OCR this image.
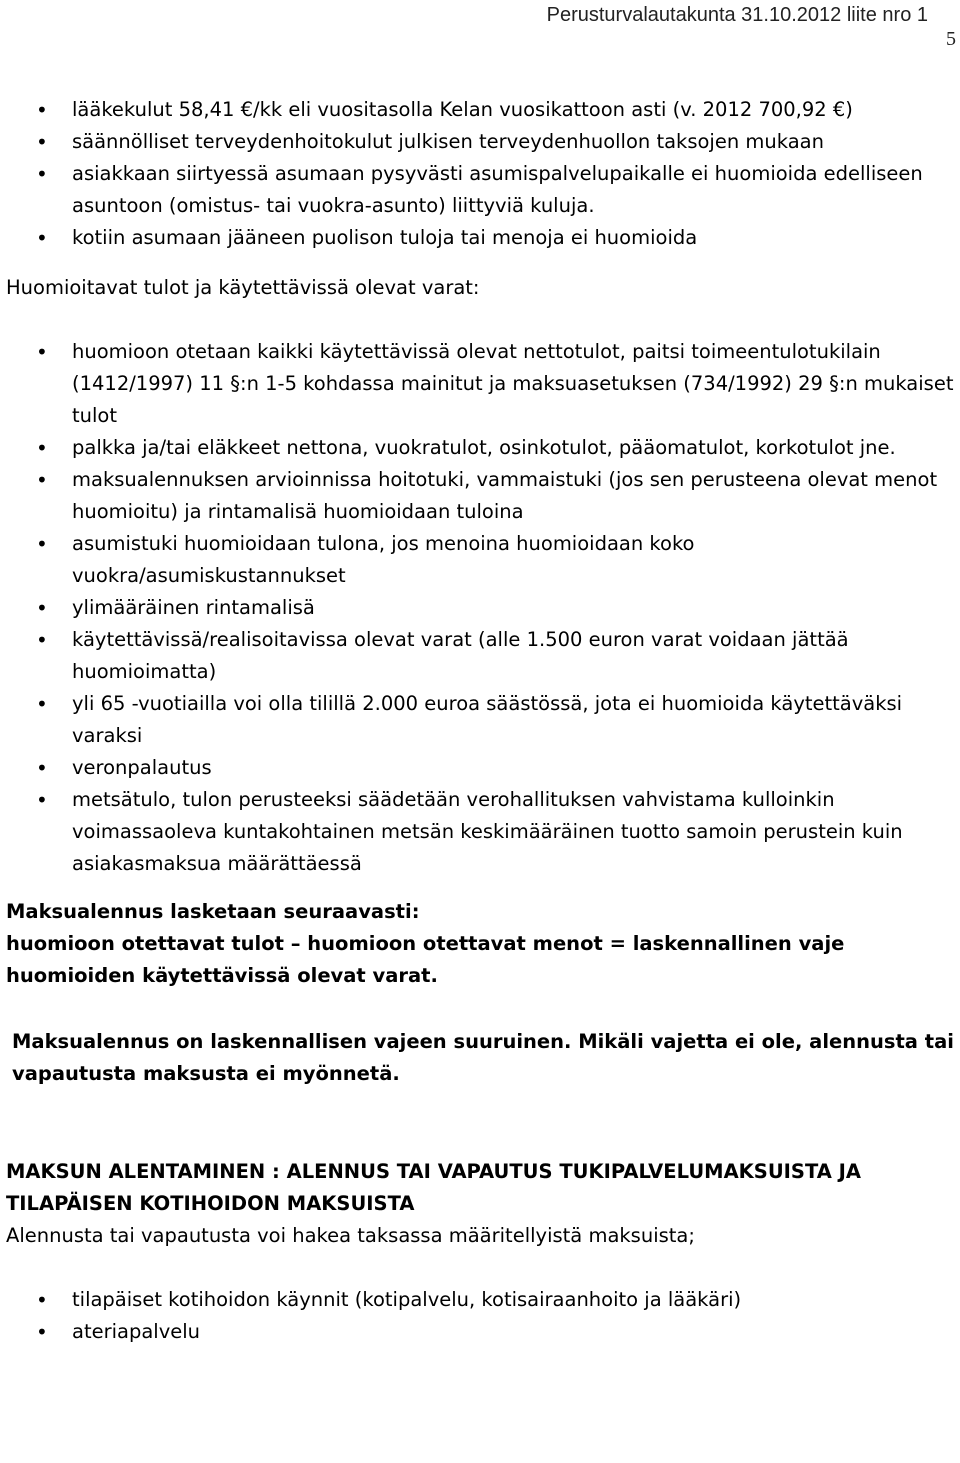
Perusturvalautakunta 31.10.2012 liite nro 1
5
• lääkekulut 58,41 €/kk eli vuositasolla Kelan vuosikattoon asti (v. 2012 700,92 €)
• säännölliset terveydenhoitokulut julkisen terveydenhuollon taksojen mukaan
• asiakkaan siirtyessä asumaan pysyvästi asumispalvelupaikalle ei huomioida edelliseen asuntoon (omistus- tai vuokra-asunto) liittyviä kuluja.
• kotiin asumaan jääneen puolison tuloja tai menoja ei huomioida

Huomioitavat tulot ja käytettävissä olevat varat:

• huomioon otetaan kaikki käytettävissä olevat nettotulot, paitsi toimeentulotukilain (1412/1997) 11 §:n 1-5 kohdassa mainitut ja maksuasetuksen (734/1992) 29 §:n mukaiset tulot
• palkka ja/tai eläkkeet nettona, vuokratulot, osinkotulot, pääomatulot, korkotulot jne.
• maksualennuksen arvioinnissa hoitotuki, vammaistuki (jos sen perusteena olevat menot huomioitu) ja rintamalisä huomioidaan tuloina
• asumistuki huomioidaan tulona, jos menoina huomioidaan koko vuokra/asumiskustannukset
• ylimääräinen rintamalisä
• käytettävissä/realisoitavissa olevat varat (alle 1.500 euron varat voidaan jättää huomioimatta)
• yli 65 -vuotiailla voi olla tilillä 2.000 euroa säästössä, jota ei huomioida käytettäväksi varaksi
• veronpalautus
• metsätulo, tulon perusteeksi säädetään verohallituksen vahvistama kulloinkin voimassaoleva kuntakohtainen metsän keskimääräinen tuotto samoin perustein kuin asiakasmaksua määrättäessä

Maksualennus lasketaan seuraavasti:

huomioon otettavat tulot – huomioon otettavat menot = laskennallinen vaje huomioiden käytettävissä olevat varat.

Maksualennus on laskennallisen vajeen suuruinen. Mikäli vajetta ei ole, alennusta tai vapautusta maksusta ei myönnetä.

MAKSUN ALENTAMINEN : ALENNUS TAI VAPAUTUS TUKIPALVELUMAKSUISTA JA TILAPÄISEN KOTIHOIDON MAKSUISTA

Alennusta tai vapautusta voi hakea taksassa määritellyistä maksuista;

• tilapäiset kotihoidon käynnit (kotipalvelu, kotisairaanhoito ja lääkäri)
• ateriapalvelu
